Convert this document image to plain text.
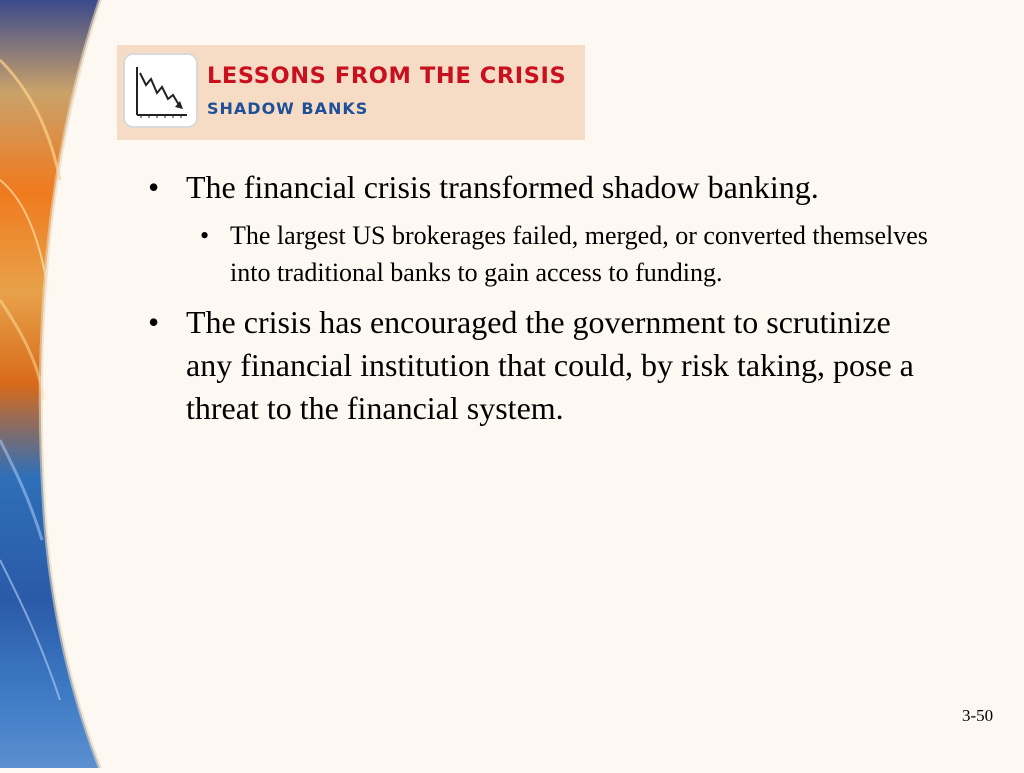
LESSONS FROM THE CRISIS
SHADOW BANKS
• The financial crisis transformed shadow banking.
• The largest US brokerages failed, merged, or converted themselves into traditional banks to gain access to funding.
• The crisis has encouraged the government to scrutinize any financial institution that could, by risk taking, pose a threat to the financial system.
3-50
